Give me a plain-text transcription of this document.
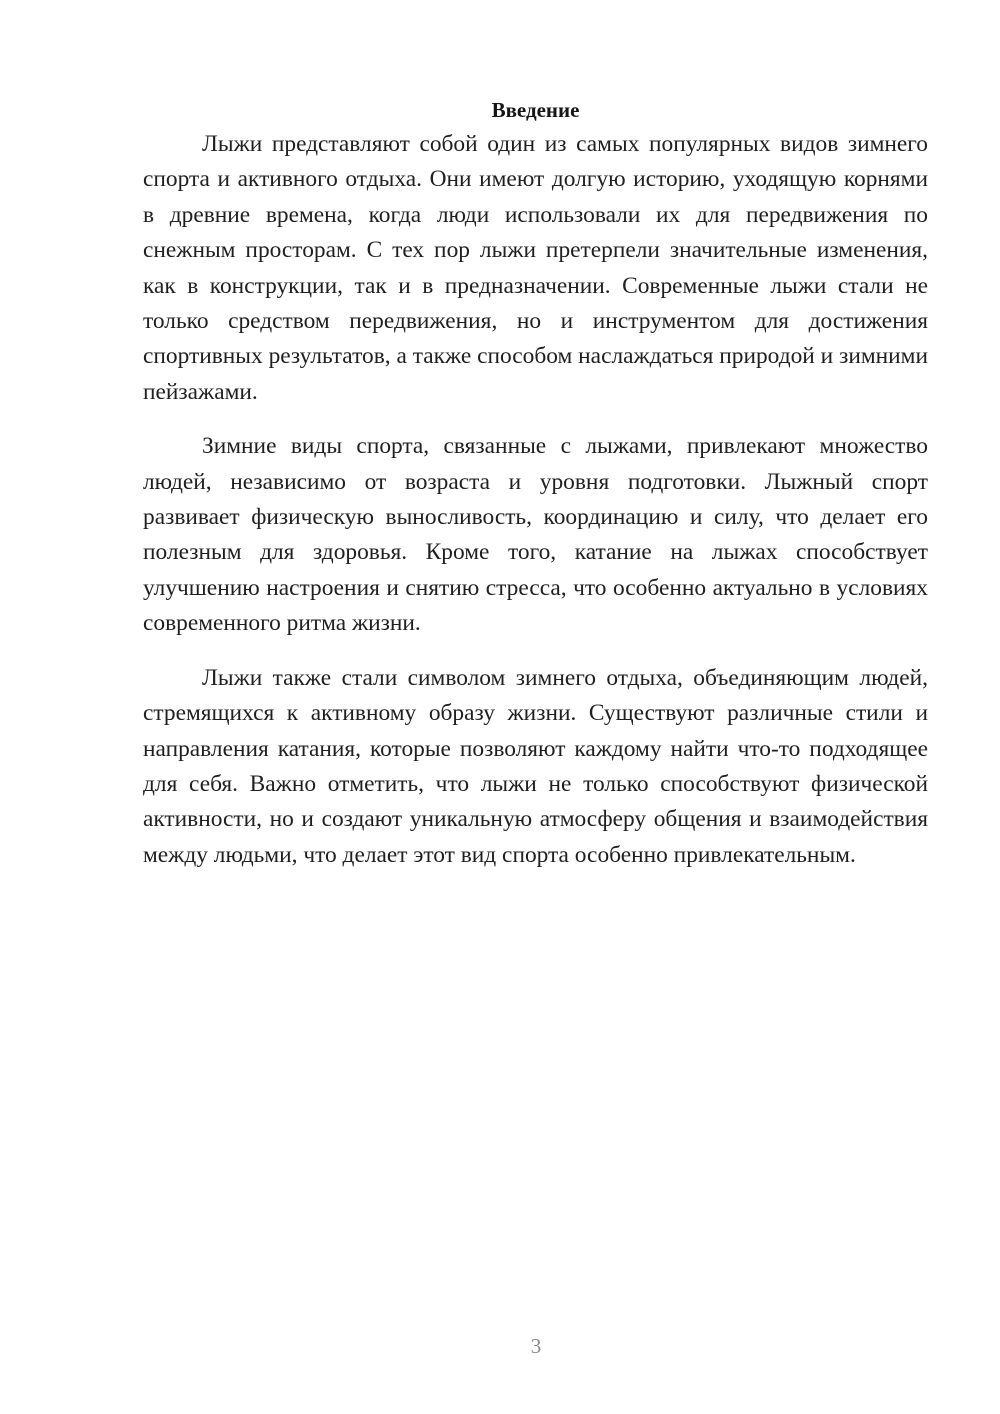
Введение

Лыжи представляют собой один из самых популярных видов зимнего спорта и активного отдыха. Они имеют долгую историю, уходящую корнями в древние времена, когда люди использовали их для передвижения по снежным просторам. С тех пор лыжи претерпели значительные изменения, как в конструкции, так и в предназначении. Современные лыжи стали не только средством передвижения, но и инструментом для достижения спортивных результатов, а также способом наслаждаться природой и зимними пейзажами.

Зимние виды спорта, связанные с лыжами, привлекают множество людей, независимо от возраста и уровня подготовки. Лыжный спорт развивает физическую выносливость, координацию и силу, что делает его полезным для здоровья. Кроме того, катание на лыжах способствует улучшению настроения и снятию стресса, что особенно актуально в условиях современного ритма жизни.

Лыжи также стали символом зимнего отдыха, объединяющим людей, стремящихся к активному образу жизни. Существуют различные стили и направления катания, которые позволяют каждому найти что-то подходящее для себя. Важно отметить, что лыжи не только способствуют физической активности, но и создают уникальную атмосферу общения и взаимодействия между людьми, что делает этот вид спорта особенно привлекательным.

3
